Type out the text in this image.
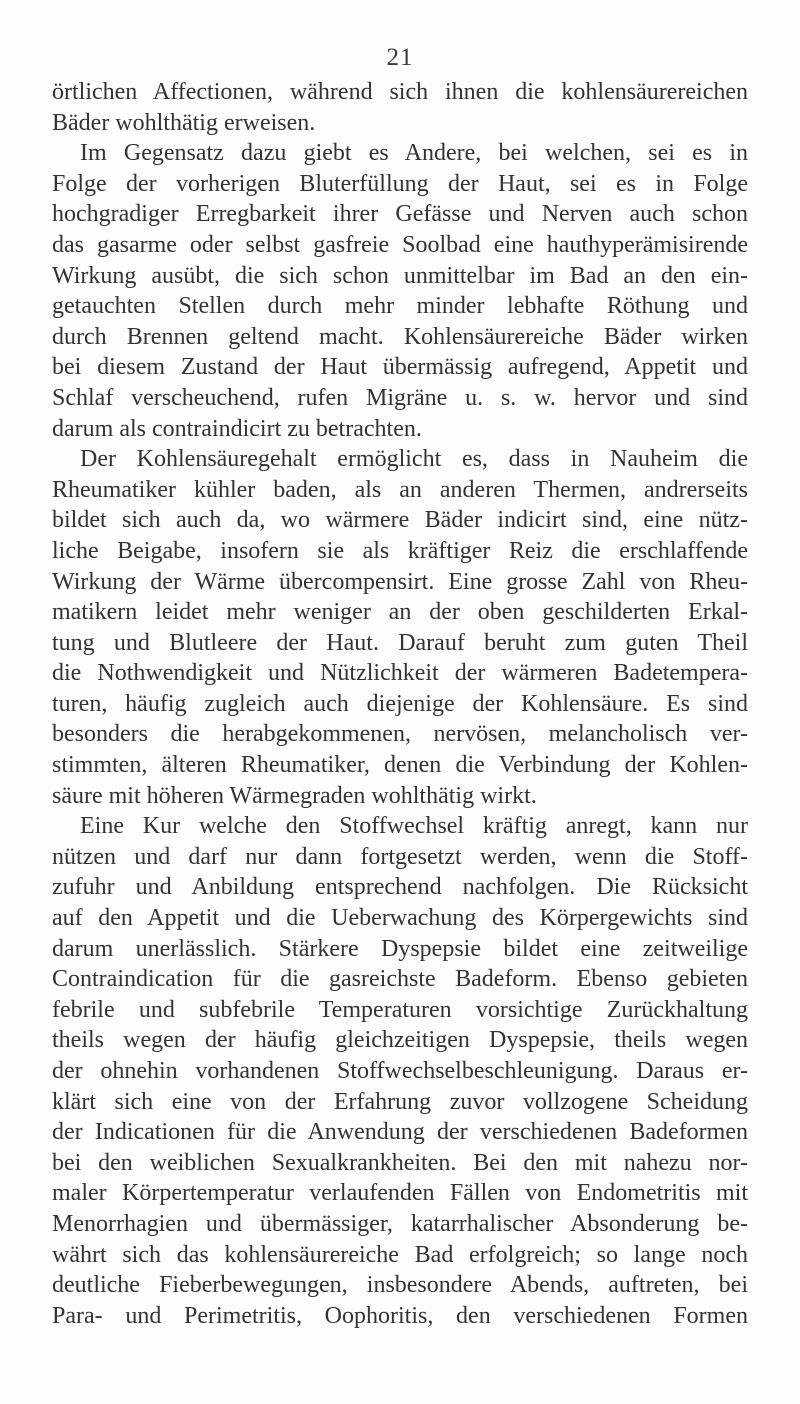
21
örtlichen Affectionen, während sich ihnen die kohlensäurereichen
Bäder wohlthätig erweisen.
Im Gegensatz dazu giebt es Andere, bei welchen, sei es in
Folge der vorherigen Bluterfüllung der Haut, sei es in Folge
hochgradiger Erregbarkeit ihrer Gefässe und Nerven auch schon
das gasarme oder selbst gasfreie Soolbad eine hauthyperämisirende
Wirkung ausübt, die sich schon unmittelbar im Bad an den ein-
getauchten Stellen durch mehr minder lebhafte Röthung und
durch Brennen geltend macht. Kohlensäurereiche Bäder wirken
bei diesem Zustand der Haut übermässig aufregend, Appetit und
Schlaf verscheuchend, rufen Migräne u. s. w. hervor und sind
darum als contraindicirt zu betrachten.
Der Kohlensäuregehalt ermöglicht es, dass in Nauheim die
Rheumatiker kühler baden, als an anderen Thermen, andrerseits
bildet sich auch da, wo wärmere Bäder indicirt sind, eine nütz-
liche Beigabe, insofern sie als kräftiger Reiz die erschlaffende
Wirkung der Wärme übercompensirt. Eine grosse Zahl von Rheu-
matikern leidet mehr weniger an der oben geschilderten Erkal-
tung und Blutleere der Haut. Darauf beruht zum guten Theil
die Nothwendigkeit und Nützlichkeit der wärmeren Badetempera-
turen, häufig zugleich auch diejenige der Kohlensäure. Es sind
besonders die herabgekommenen, nervösen, melancholisch ver-
stimmten, älteren Rheumatiker, denen die Verbindung der Kohlen-
säure mit höheren Wärmegraden wohlthätig wirkt.
Eine Kur welche den Stoffwechsel kräftig anregt, kann nur
nützen und darf nur dann fortgesetzt werden, wenn die Stoff-
zufuhr und Anbildung entsprechend nachfolgen. Die Rücksicht
auf den Appetit und die Ueberwachung des Körpergewichts sind
darum unerlässlich. Stärkere Dyspepsie bildet eine zeitweilige
Contraindication für die gasreichste Badeform. Ebenso gebieten
febrile und subfebrile Temperaturen vorsichtige Zurückhaltung
theils wegen der häufig gleichzeitigen Dyspepsie, theils wegen
der ohnehin vorhandenen Stoffwechselbeschleunigung. Daraus er-
klärt sich eine von der Erfahrung zuvor vollzogene Scheidung
der Indicationen für die Anwendung der verschiedenen Badeformen
bei den weiblichen Sexualkrankheiten. Bei den mit nahezu nor-
maler Körpertemperatur verlaufenden Fällen von Endometritis mit
Menorrhagien und übermässiger, katarrhalischer Absonderung be-
währt sich das kohlensäurereiche Bad erfolgreich; so lange noch
deutliche Fieberbewegungen, insbesondere Abends, auftreten, bei
Para- und Perimetritis, Oophoritis, den verschiedenen Formen
